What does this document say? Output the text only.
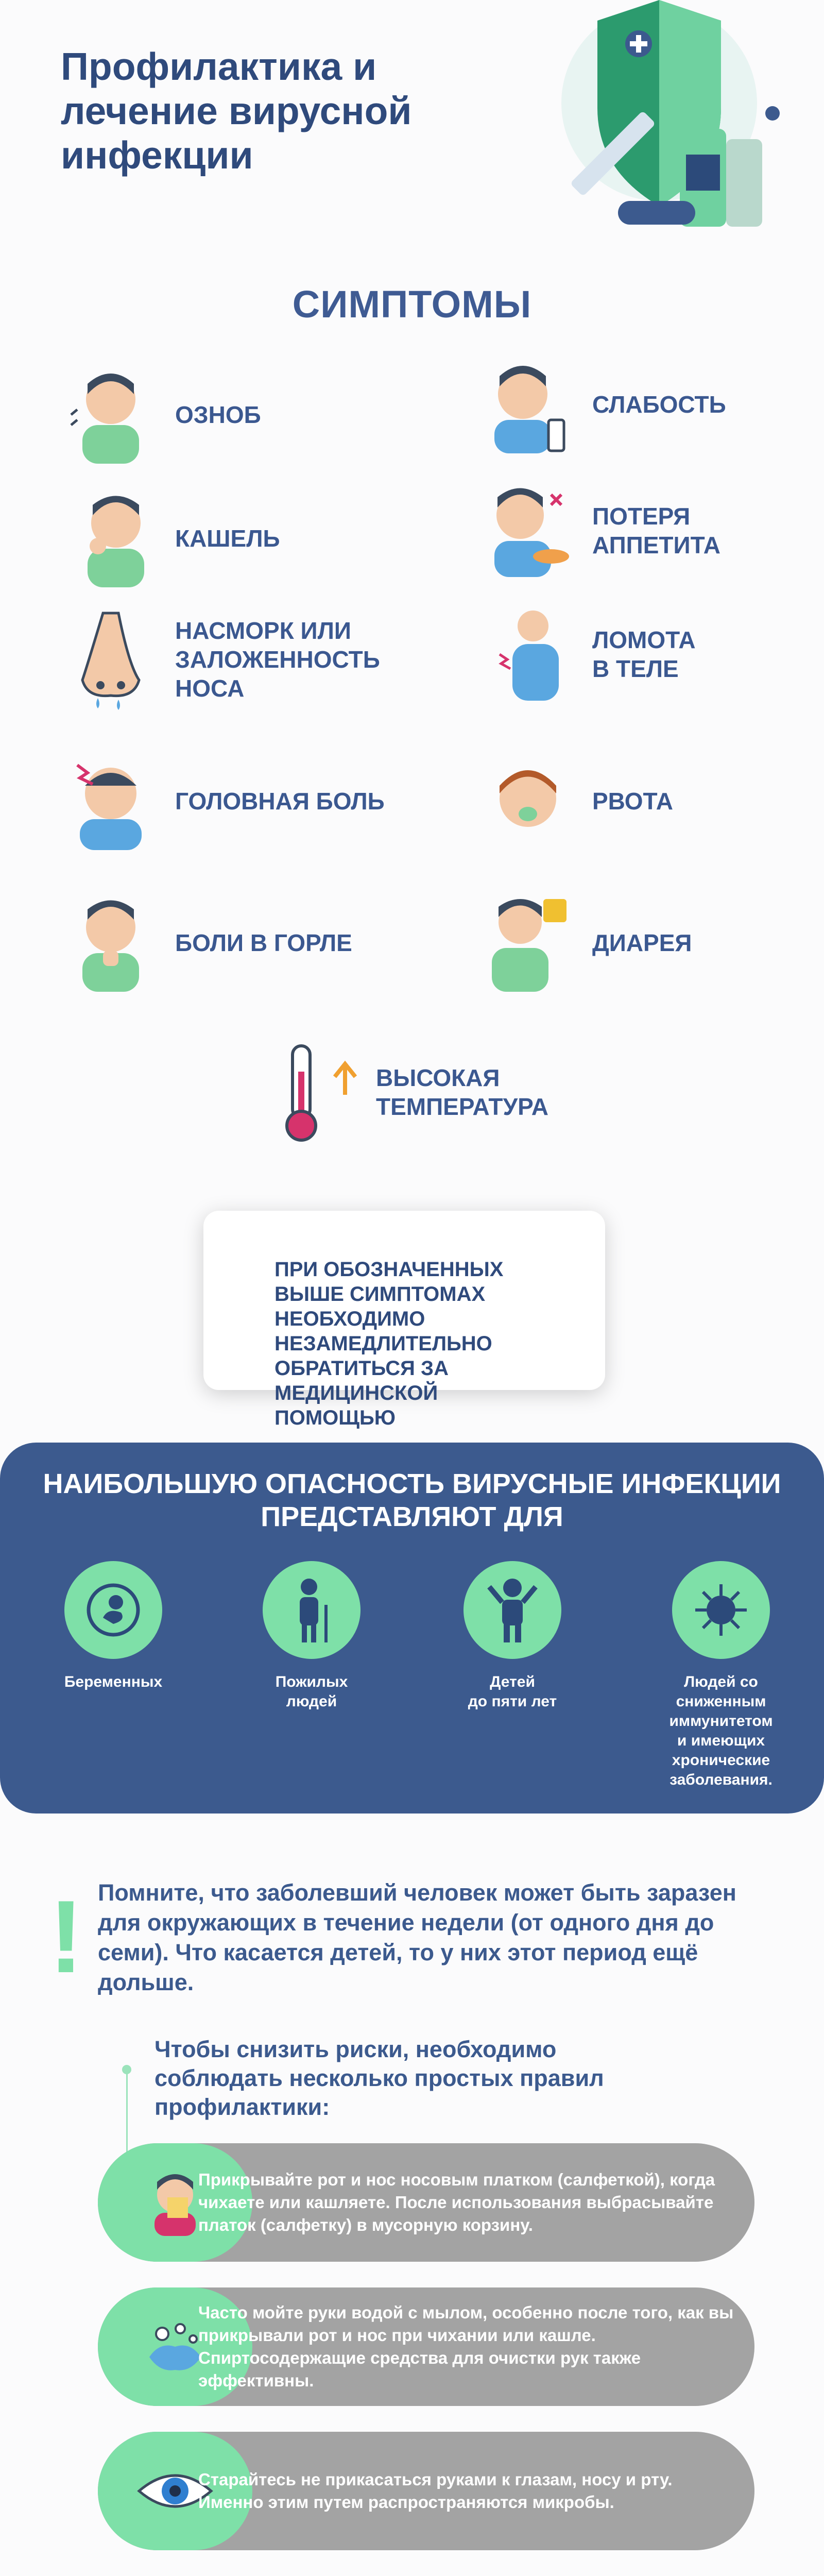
Профилактика и лечение вирусной инфекции
СИМПТОМЫ
ОЗНОБ
КАШЕЛЬ
НАСМОРК ИЛИ
ЗАЛОЖЕННОСТЬ
НОСА
ГОЛОВНАЯ БОЛЬ
БОЛИ В ГОРЛЕ
СЛАБОСТЬ
ПОТЕРЯ
АППЕТИТА
ЛОМОТА
В ТЕЛЕ
РВОТА
ДИАРЕЯ
ВЫСОКАЯ
ТЕМПЕРАТУРА

ПРИ ОБОЗНАЧЕННЫХ ВЫШЕ СИМПТОМАХ НЕОБХОДИМО НЕЗАМЕДЛИТЕЛЬНО ОБРАТИТЬСЯ ЗА МЕДИЦИНСКОЙ ПОМОЩЬЮ

НАИБОЛЬШУЮ ОПАСНОСТЬ ВИРУСНЫЕ ИНФЕКЦИИ ПРЕДСТАВЛЯЮТ ДЛЯ
Беременных	Пожилых
людей
Детей
до пяти лет
Людей со
сниженным
иммунитетом
и имеющих
хронические
заболевания.
! Помните, что заболевший человек может быть заразен для окружающих в течение недели (от одного дня до семи). Что касается детей, то у них этот период ещё дольше.

Чтобы снизить риски, необходимо соблюдать несколько простых правил профилактики:

Прикрывайте рот и нос носовым платком (салфеткой), когда чихаете или кашляете. После использования выбрасывайте платок (салфетку) в мусорную корзину.
Часто мойте руки водой с мылом, особенно после того, как вы прикрывали рот и нос при чихании или кашле. Спиртосодержащие средства для очистки рук также эффективны.
Старайтесь не прикасаться руками к глазам, носу и рту. Именно этим путем распространяются микробы.
